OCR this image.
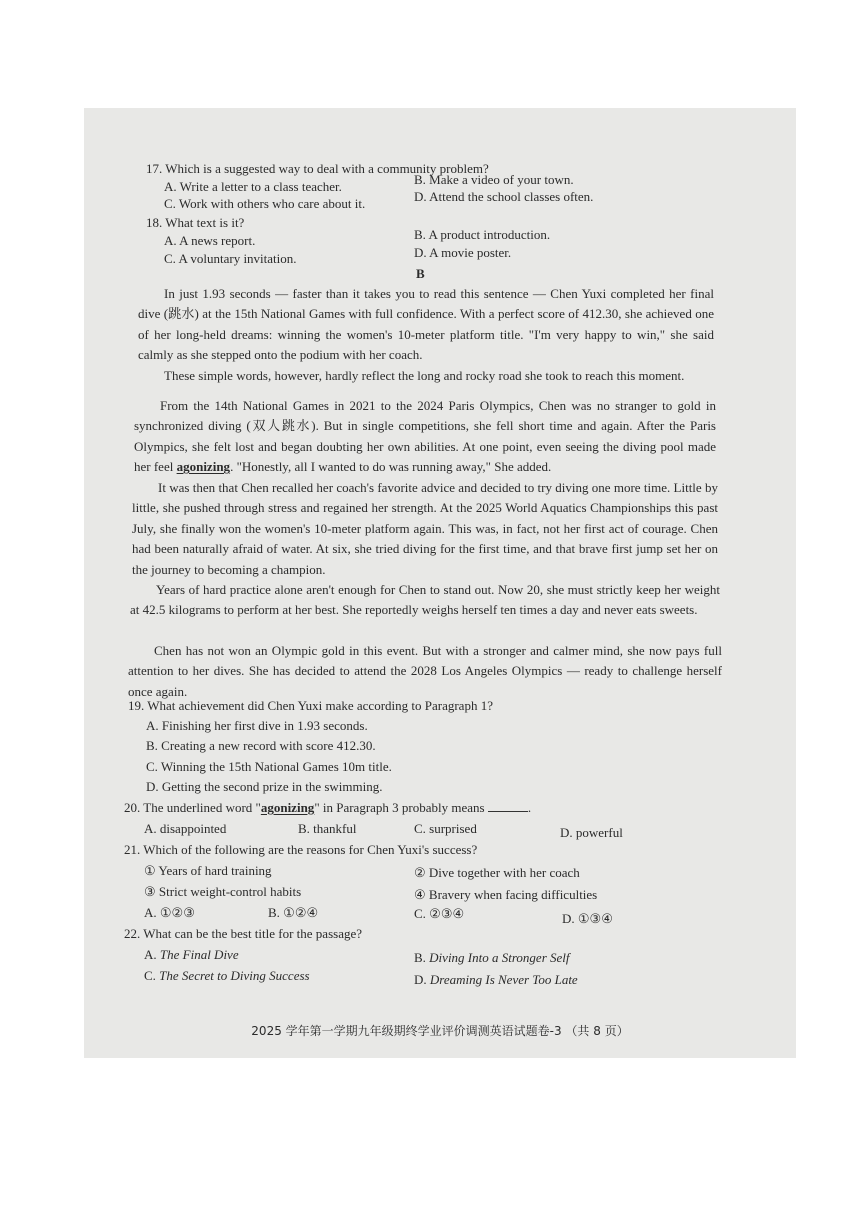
17. Which is a suggested way to deal with a community problem?
A. Write a letter to a class teacher.	B. Make a video of your town.
C. Work with others who care about it.	D. Attend the school classes often.
18. What text is it?
A. A news report.	B. A product introduction.
C. A voluntary invitation.	D. A movie poster.
B
In just 1.93 seconds — faster than it takes you to read this sentence — Chen Yuxi completed her final dive (跳水) at the 15th National Games with full confidence. With a perfect score of 412.30, she achieved one of her long-held dreams: winning the women's 10-meter platform title. "I'm very happy to win," she said calmly as she stepped onto the podium with her coach.
These simple words, however, hardly reflect the long and rocky road she took to reach this moment.
From the 14th National Games in 2021 to the 2024 Paris Olympics, Chen was no stranger to gold in synchronized diving (双人跳水). But in single competitions, she fell short time and again. After the Paris Olympics, she felt lost and began doubting her own abilities. At one point, even seeing the diving pool made her feel agonizing. "Honestly, all I wanted to do was running away," She added.
It was then that Chen recalled her coach's favorite advice and decided to try diving one more time. Little by little, she pushed through stress and regained her strength. At the 2025 World Aquatics Championships this past July, she finally won the women's 10-meter platform again. This was, in fact, not her first act of courage. Chen had been naturally afraid of water. At six, she tried diving for the first time, and that brave first jump set her on the journey to becoming a champion.
Years of hard practice alone aren't enough for Chen to stand out. Now 20, she must strictly keep her weight at 42.5 kilograms to perform at her best. She reportedly weighs herself ten times a day and never eats sweets.
Chen has not won an Olympic gold in this event. But with a stronger and calmer mind, she now pays full attention to her dives. She has decided to attend the 2028 Los Angeles Olympics — ready to challenge herself once again.
19. What achievement did Chen Yuxi make according to Paragraph 1?
A. Finishing her first dive in 1.93 seconds.
B. Creating a new record with score 412.30.
C. Winning the 15th National Games 10m title.
D. Getting the second prize in the swimming.
20. The underlined word "agonizing" in Paragraph 3 probably means	.
A. disappointed	B. thankful	C. surprised	D. powerful
21. Which of the following are the reasons for Chen Yuxi's success?
① Years of hard training	② Dive together with her coach
③ Strict weight-control habits	④ Bravery when facing difficulties
A. ①②③	B. ①②④	C. ②③④	D. ①③④
22. What can be the best title for the passage?
A. The Final Dive	B. Diving Into a Stronger Self
C. The Secret to Diving Success	D. Dreaming Is Never Too Late
2025 学年第一学期九年级期终学业评价调测英语试题卷-3 （共 8 页）
